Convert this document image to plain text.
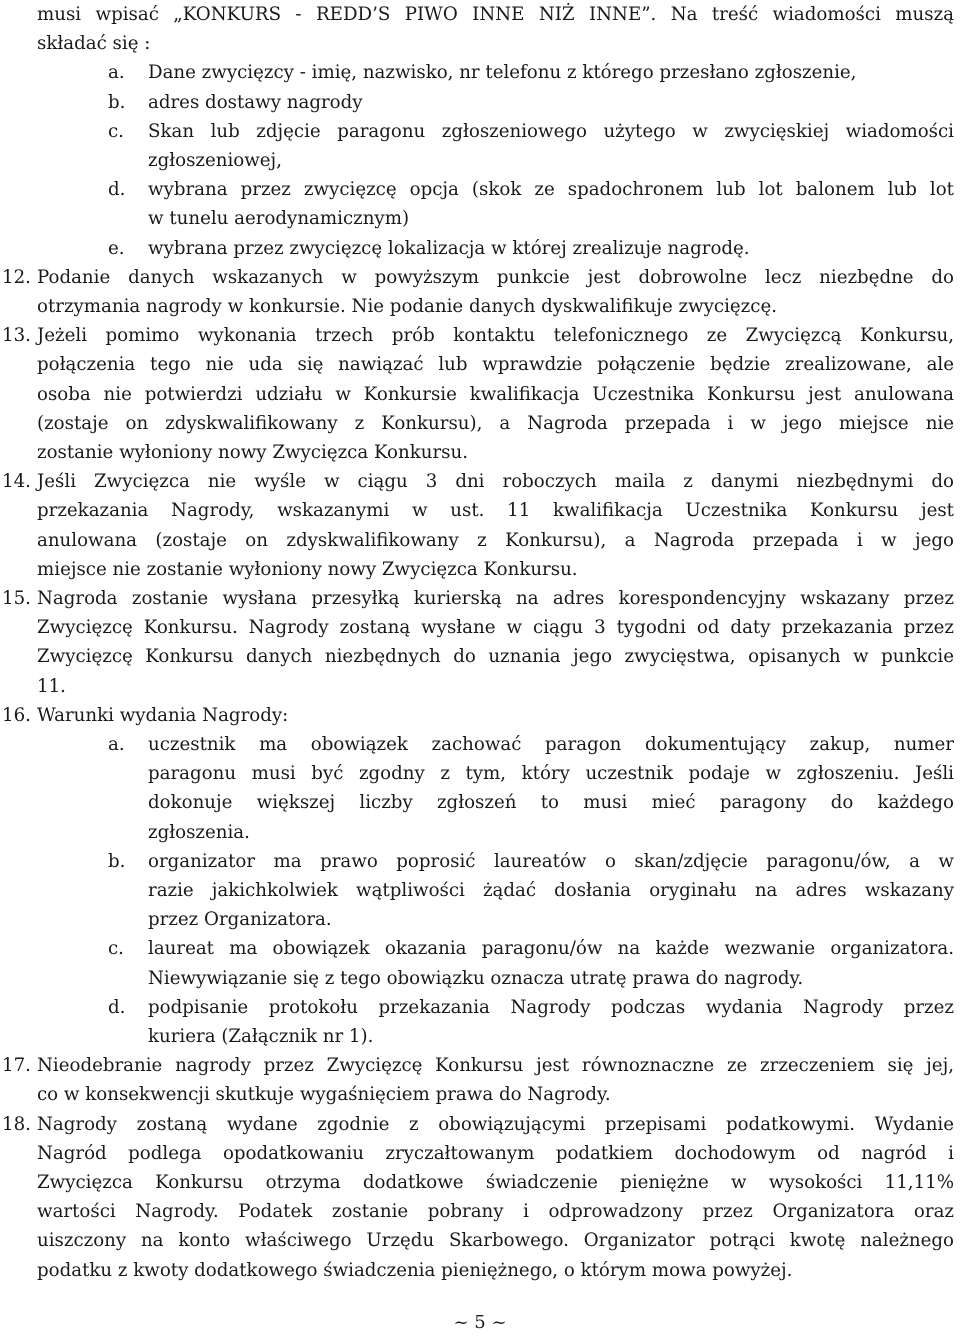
musi wpisać „KONKURS - REDD’S PIWO INNE NIŻ INNE”. Na treść wiadomości muszą
składać się :
a. Dane zwycięzcy - imię, nazwisko, nr telefonu z którego przesłano zgłoszenie,
b. adres dostawy nagrody
c. Skan lub zdjęcie paragonu zgłoszeniowego użytego w zwycięskiej wiadomości
zgłoszeniowej,
d. wybrana przez zwycięzcę opcja (skok ze spadochronem lub lot balonem lub lot
w tunelu aerodynamicznym)
e. wybrana przez zwycięzcę lokalizacja w której zrealizuje nagrodę.
12. Podanie danych wskazanych w powyższym punkcie jest dobrowolne lecz niezbędne do
otrzymania nagrody w konkursie. Nie podanie danych dyskwalifikuje zwycięzcę.
13. Jeżeli pomimo wykonania trzech prób kontaktu telefonicznego ze Zwycięzcą Konkursu,
połączenia tego nie uda się nawiązać lub wprawdzie połączenie będzie zrealizowane, ale
osoba nie potwierdzi udziału w Konkursie kwalifikacja Uczestnika Konkursu jest anulowana
(zostaje on zdyskwalifikowany z Konkursu), a Nagroda przepada i w jego miejsce nie
zostanie wyłoniony nowy Zwycięzca Konkursu.
14. Jeśli Zwycięzca nie wyśle w ciągu 3 dni roboczych maila z danymi niezbędnymi do
przekazania Nagrody, wskazanymi w ust. 11 kwalifikacja Uczestnika Konkursu jest
anulowana (zostaje on zdyskwalifikowany z Konkursu), a Nagroda przepada i w jego
miejsce nie zostanie wyłoniony nowy Zwycięzca Konkursu.
15. Nagroda zostanie wysłana przesyłką kurierską na adres korespondencyjny wskazany przez
Zwycięzcę Konkursu. Nagrody zostaną wysłane w ciągu 3 tygodni od daty przekazania przez
Zwycięzcę Konkursu danych niezbędnych do uznania jego zwycięstwa, opisanych w punkcie
11.
16. Warunki wydania Nagrody:
a. uczestnik ma obowiązek zachować paragon dokumentujący zakup, numer
paragonu musi być zgodny z tym, który uczestnik podaje w zgłoszeniu. Jeśli
dokonuje większej liczby zgłoszeń to musi mieć paragony do każdego
zgłoszenia.
b. organizator ma prawo poprosić laureatów o skan/zdjęcie paragonu/ów, a w
razie jakichkolwiek wątpliwości żądać dosłania oryginału na adres wskazany
przez Organizatora.
c. laureat ma obowiązek okazania paragonu/ów na każde wezwanie organizatora.
Niewywiązanie się z tego obowiązku oznacza utratę prawa do nagrody.
d. podpisanie protokołu przekazania Nagrody podczas wydania Nagrody przez
kuriera (Załącznik nr 1).
17. Nieodebranie nagrody przez Zwycięzcę Konkursu jest równoznaczne ze zrzeczeniem się jej,
co w konsekwencji skutkuje wygaśnięciem prawa do Nagrody.
18. Nagrody zostaną wydane zgodnie z obowiązującymi przepisami podatkowymi. Wydanie
Nagród podlega opodatkowaniu zryczałtowanym podatkiem dochodowym od nagród i
Zwycięzca Konkursu otrzyma dodatkowe świadczenie pieniężne w wysokości 11,11%
wartości Nagrody. Podatek zostanie pobrany i odprowadzony przez Organizatora oraz
uiszczony na konto właściwego Urzędu Skarbowego. Organizator potrąci kwotę należnego
podatku z kwoty dodatkowego świadczenia pieniężnego, o którym mowa powyżej.
~ 5 ~
